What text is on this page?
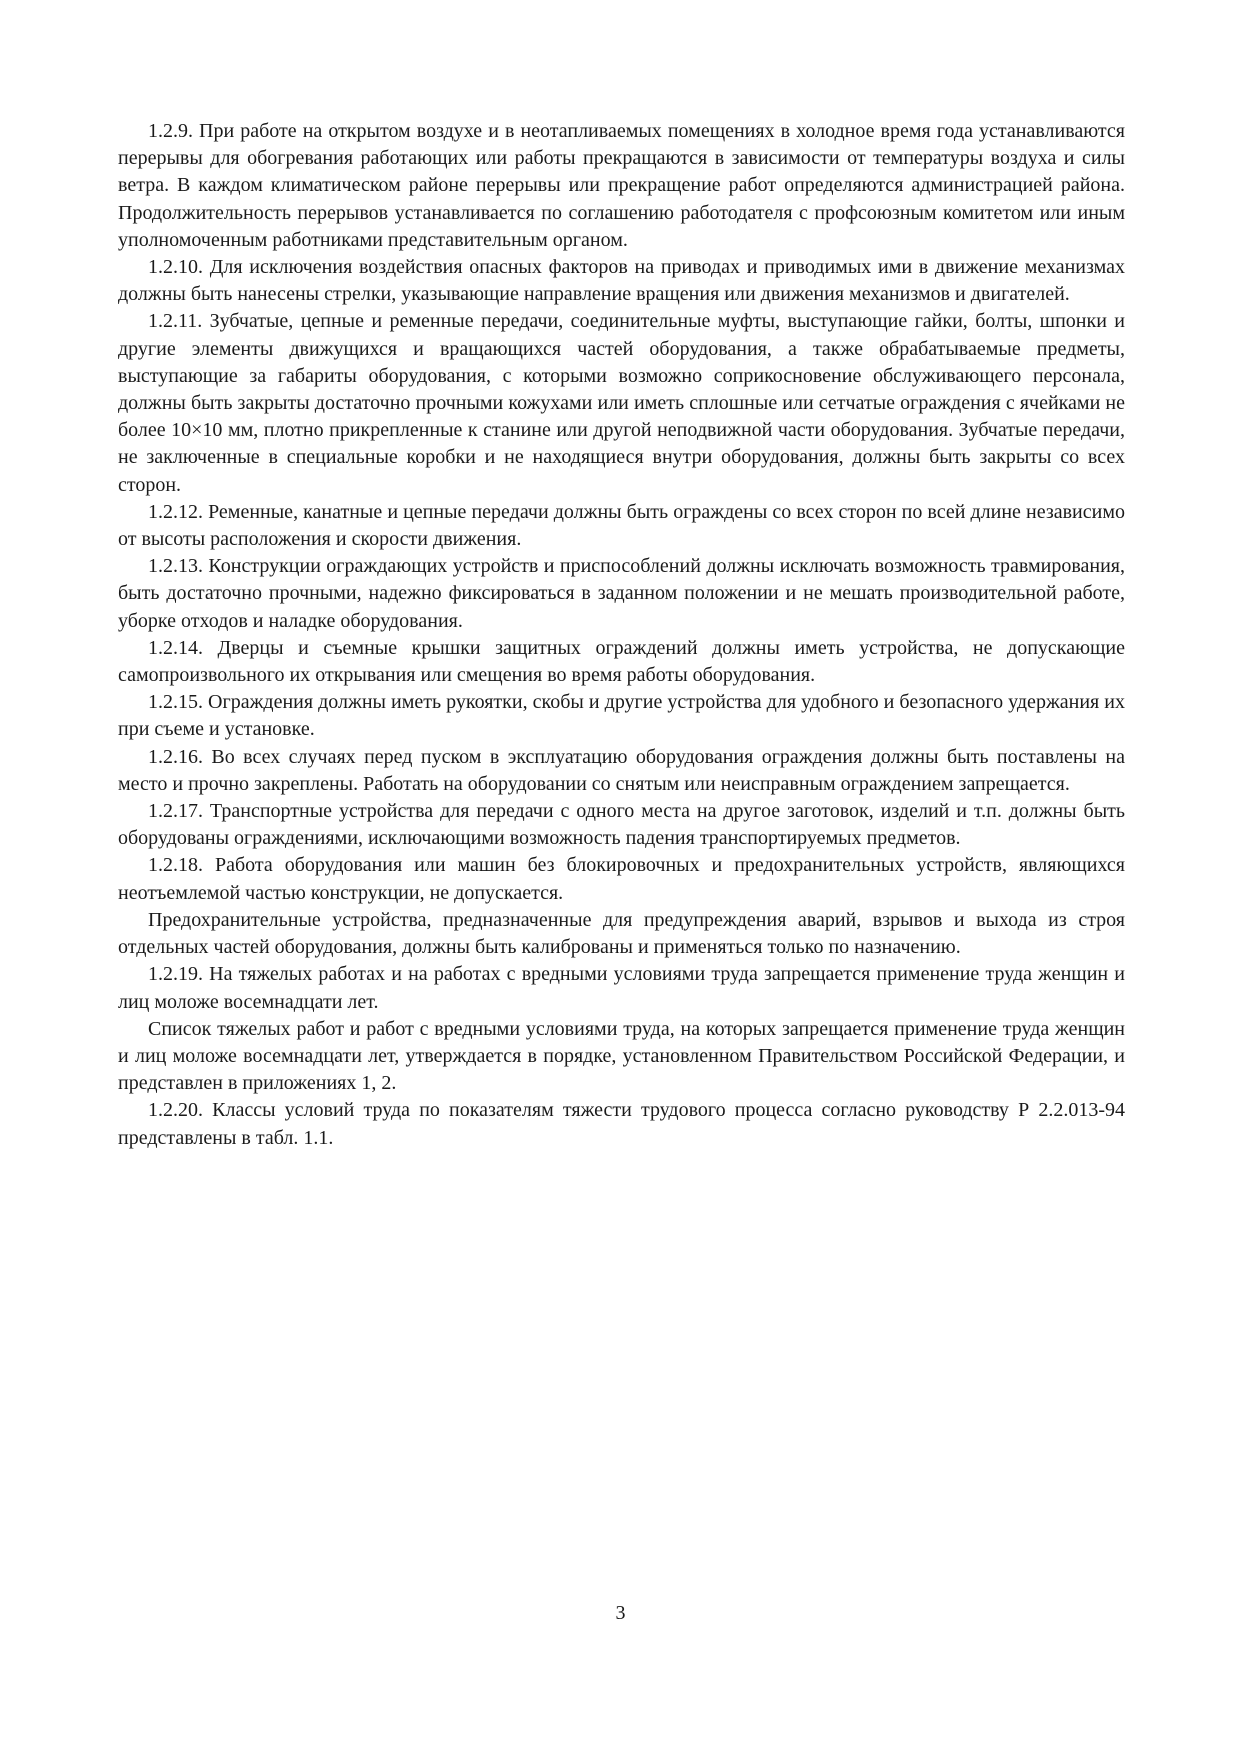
1.2.9. При работе на открытом воздухе и в неотапливаемых помещениях в холодное время года устанавливаются перерывы для обогревания работающих или работы прекращаются в зависимости от температуры воздуха и силы ветра. В каждом климатическом районе перерывы или прекращение работ определяются администрацией района. Продолжительность перерывов устанавливается по соглашению работодателя с профсоюзным комитетом или иным уполномоченным работниками представительным органом.

1.2.10. Для исключения воздействия опасных факторов на приводах и приводимых ими в движение механизмах должны быть нанесены стрелки, указывающие направление вращения или движения механизмов и двигателей.

1.2.11. Зубчатые, цепные и ременные передачи, соединительные муфты, выступающие гайки, болты, шпонки и другие элементы движущихся и вращающихся частей оборудования, а также обрабатываемые предметы, выступающие за габариты оборудования, с которыми возможно соприкосновение обслуживающего персонала, должны быть закрыты достаточно прочными кожухами или иметь сплошные или сетчатые ограждения с ячейками не более 10×10 мм, плотно прикрепленные к станине или другой неподвижной части оборудования. Зубчатые передачи, не заключенные в специальные коробки и не находящиеся внутри оборудования, должны быть закрыты со всех сторон.

1.2.12. Ременные, канатные и цепные передачи должны быть ограждены со всех сторон по всей длине независимо от высоты расположения и скорости движения.

1.2.13. Конструкции ограждающих устройств и приспособлений должны исключать возможность травмирования, быть достаточно прочными, надежно фиксироваться в заданном положении и не мешать производительной работе, уборке отходов и наладке оборудования.

1.2.14. Дверцы и съемные крышки защитных ограждений должны иметь устройства, не допускающие самопроизвольного их открывания или смещения во время работы оборудования.

1.2.15. Ограждения должны иметь рукоятки, скобы и другие устройства для удобного и безопасного удержания их при съеме и установке.

1.2.16. Во всех случаях перед пуском в эксплуатацию оборудования ограждения должны быть поставлены на место и прочно закреплены. Работать на оборудовании со снятым или неисправным ограждением запрещается.

1.2.17. Транспортные устройства для передачи с одного места на другое заготовок, изделий и т.п. должны быть оборудованы ограждениями, исключающими возможность падения транспортируемых предметов.

1.2.18. Работа оборудования или машин без блокировочных и предохранительных устройств, являющихся неотъемлемой частью конструкции, не допускается.

Предохранительные устройства, предназначенные для предупреждения аварий, взрывов и выхода из строя отдельных частей оборудования, должны быть калиброваны и применяться только по назначению.

1.2.19. На тяжелых работах и на работах с вредными условиями труда запрещается применение труда женщин и лиц моложе восемнадцати лет.

Список тяжелых работ и работ с вредными условиями труда, на которых запрещается применение труда женщин и лиц моложе восемнадцати лет, утверждается в порядке, установленном Правительством Российской Федерации, и представлен в приложениях 1, 2.

1.2.20. Классы условий труда по показателям тяжести трудового процесса согласно руководству Р 2.2.013-94 представлены в табл. 1.1.

3
